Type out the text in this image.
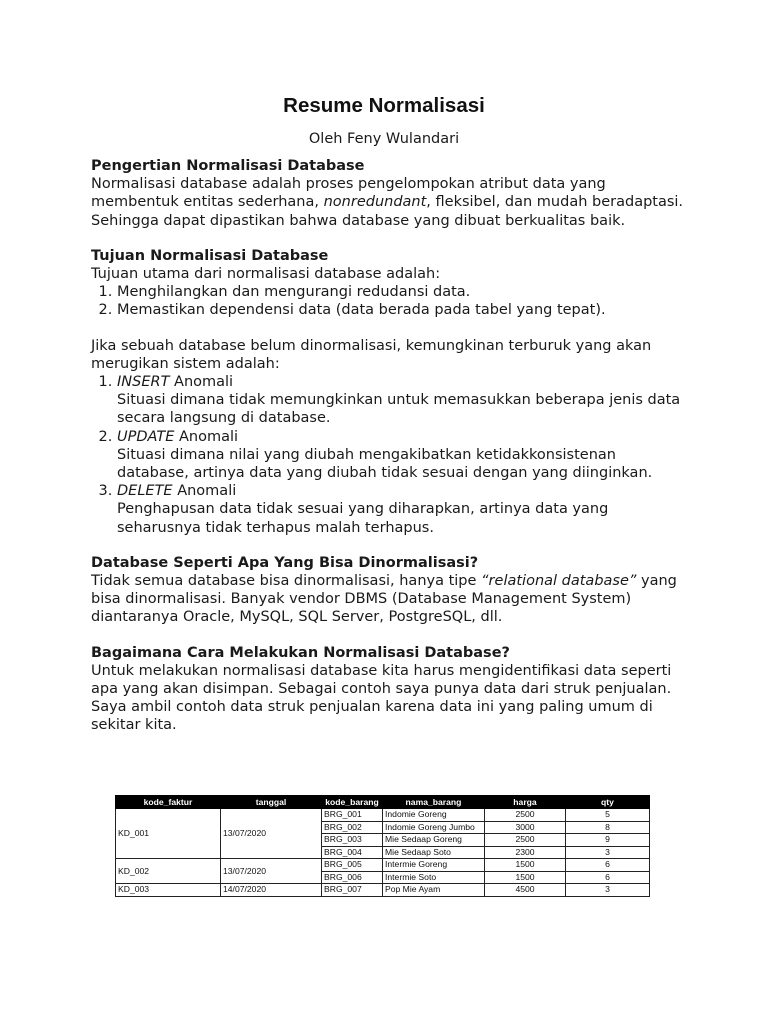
Resume Normalisasi
Oleh Feny Wulandari
Pengertian Normalisasi Database

Normalisasi database adalah proses pengelompokan atribut data yang membentuk entitas sederhana, nonredundant, fleksibel, dan mudah beradaptasi. Sehingga dapat dipastikan bahwa database yang dibuat berkualitas baik.

Tujuan Normalisasi Database

Tujuan utama dari normalisasi database adalah:

1. Menghilangkan dan mengurangi redudansi data.
2. Memastikan dependensi data (data berada pada tabel yang tepat).

Jika sebuah database belum dinormalisasi, kemungkinan terburuk yang akan merugikan sistem adalah:

1. INSERT Anomali
Situasi dimana tidak memungkinkan untuk memasukkan beberapa jenis data secara langsung di database.
2. UPDATE Anomali
Situasi dimana nilai yang diubah mengakibatkan ketidakkonsistenan database, artinya data yang diubah tidak sesuai dengan yang diinginkan.
3. DELETE Anomali
Penghapusan data tidak sesuai yang diharapkan, artinya data yang seharusnya tidak terhapus malah terhapus.
Database Seperti Apa Yang Bisa Dinormalisasi?

Tidak semua database bisa dinormalisasi, hanya tipe “relational database” yang bisa dinormalisasi. Banyak vendor DBMS (Database Management System) diantaranya Oracle, MySQL, SQL Server, PostgreSQL, dll.

Bagaimana Cara Melakukan Normalisasi Database?

Untuk melakukan normalisasi database kita harus mengidentifikasi data seperti apa yang akan disimpan. Sebagai contoh saya punya data dari struk penjualan. Saya ambil contoh data struk penjualan karena data ini yang paling umum di sekitar kita.

kode_faktur	tanggal	kode_barang	nama_barang	harga	qty
KD_001	13/07/2020	BRG_001	Indomie Goreng	2500	5
		BRG_002	Indomie Goreng Jumbo	3000	8
		BRG_003	Mie Sedaap Goreng	2500	9
		BRG_004	Mie Sedaap Soto	2300	3
KD_002	13/07/2020	BRG_005	Intermie Goreng	1500	6
		BRG_006	Intermie Soto	1500	6
KD_003	14/07/2020	BRG_007	Pop Mie Ayam	4500	3
